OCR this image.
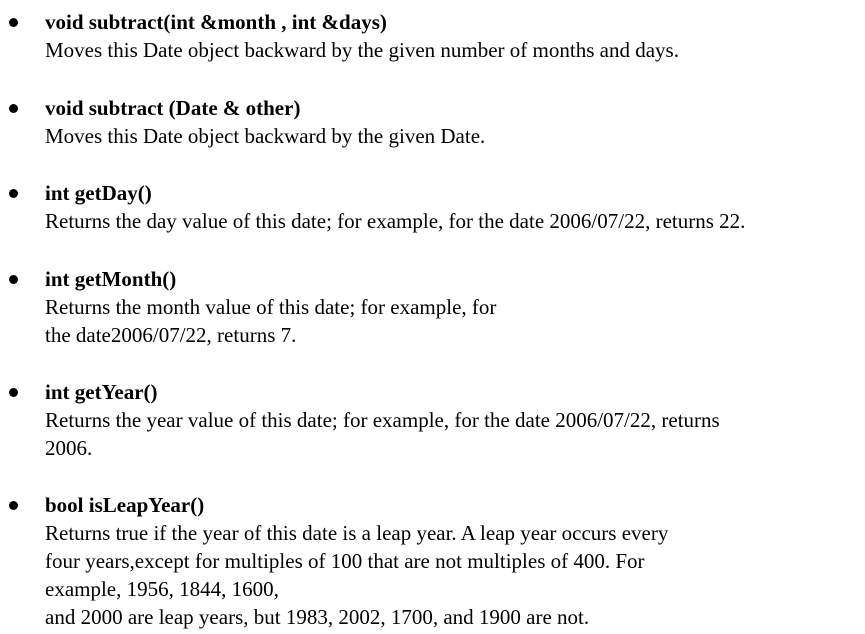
void subtract(int &month , int &days)
Moves this Date object backward by the given number of months and days.
void subtract (Date & other)
Moves this Date object backward by the given Date.
int getDay()
Returns the day value of this date; for example, for the date 2006/07/22, returns 22.
int getMonth()
Returns the month value of this date; for example, for
the date2006/07/22, returns 7.
int getYear()
Returns the year value of this date; for example, for the date 2006/07/22, returns
2006.
bool isLeapYear()
Returns true if the year of this date is a leap year. A leap year occurs every
four years,except for multiples of 100 that are not multiples of 400. For
example, 1956, 1844, 1600,
and 2000 are leap years, but 1983, 2002, 1700, and 1900 are not.
